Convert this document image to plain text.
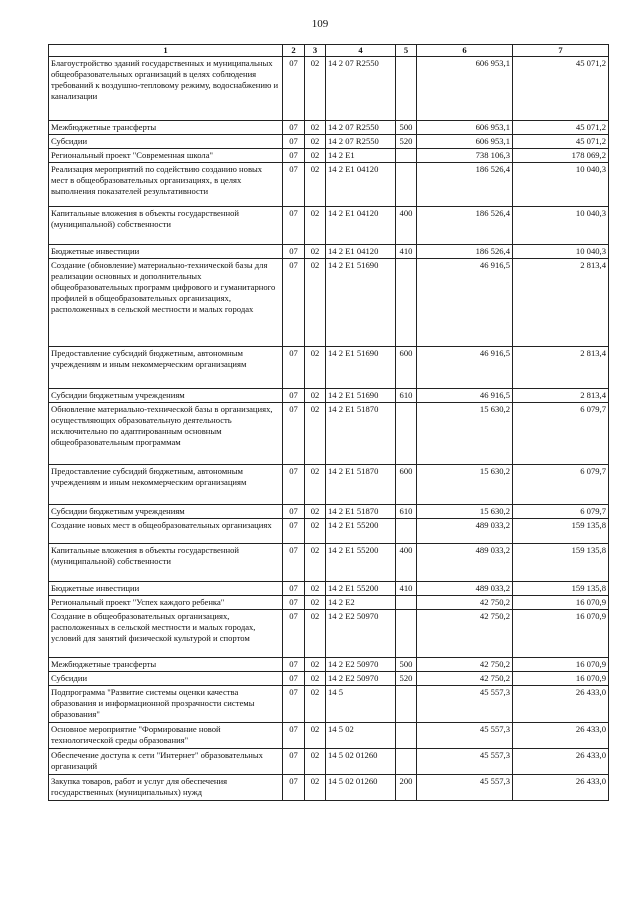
109
1	2	3	4	5	6	7
Благоустройство зданий государственных и муниципальных общеобразовательных организаций в целях соблюдения требований к воздушно-тепловому режиму, водоснабжению и канализации	07	02	14 2 07 R2550		606 953,1	45 071,2
Межбюджетные трансферты	07	02	14 2 07 R2550	500	606 953,1	45 071,2
Субсидии	07	02	14 2 07 R2550	520	606 953,1	45 071,2
Региональный проект "Современная школа"	07	02	14 2 E1		738 106,3	178 069,2
Реализация мероприятий по содействию созданию новых мест в общеобразовательных организациях, в целях выполнения показателей результативности	07	02	14 2 E1 04120		186 526,4	10 040,3
Капитальные вложения в объекты государственной (муниципальной) собственности	07	02	14 2 E1 04120	400	186 526,4	10 040,3
Бюджетные инвестиции	07	02	14 2 E1 04120	410	186 526,4	10 040,3
Создание (обновление) материально-технической базы для реализации основных и дополнительных общеобразовательных программ цифрового и гуманитарного профилей в общеобразовательных организациях, расположенных в сельской местности и малых городах	07	02	14 2 E1 51690		46 916,5	2 813,4
Предоставление субсидий бюджетным, автономным учреждениям и иным некоммерческим организациям	07	02	14 2 E1 51690	600	46 916,5	2 813,4
Субсидии бюджетным учреждениям	07	02	14 2 E1 51690	610	46 916,5	2 813,4
Обновление материально-технической базы в организациях, осуществляющих образовательную деятельность исключительно по адаптированным основным общеобразовательным программам	07	02	14 2 E1 51870		15 630,2	6 079,7
Предоставление субсидий бюджетным, автономным учреждениям и иным некоммерческим организациям	07	02	14 2 E1 51870	600	15 630,2	6 079,7
Субсидии бюджетным учреждениям	07	02	14 2 E1 51870	610	15 630,2	6 079,7
Создание новых мест в общеобразовательных организациях	07	02	14 2 E1 55200		489 033,2	159 135,8
Капитальные вложения в объекты государственной (муниципальной) собственности	07	02	14 2 E1 55200	400	489 033,2	159 135,8
Бюджетные инвестиции	07	02	14 2 E1 55200	410	489 033,2	159 135,8
Региональный проект "Успех каждого ребенка"	07	02	14 2 E2		42 750,2	16 070,9
Создание в общеобразовательных организациях, расположенных в сельской местности и малых городах, условий для занятий физической культурой и спортом	07	02	14 2 E2 50970		42 750,2	16 070,9
Межбюджетные трансферты	07	02	14 2 E2 50970	500	42 750,2	16 070,9
Субсидии	07	02	14 2 E2 50970	520	42 750,2	16 070,9
Подпрограмма "Развитие системы оценки качества образования и информационной прозрачности системы образования"	07	02	14 5		45 557,3	26 433,0
Основное мероприятие "Формирование новой технологической среды образования"	07	02	14 5 02		45 557,3	26 433,0
Обеспечение доступа к сети "Интернет" образовательных организаций	07	02	14 5 02 01260		45 557,3	26 433,0
Закупка товаров, работ и услуг для обеспечения государственных (муниципальных) нужд	07	02	14 5 02 01260	200	45 557,3	26 433,0
